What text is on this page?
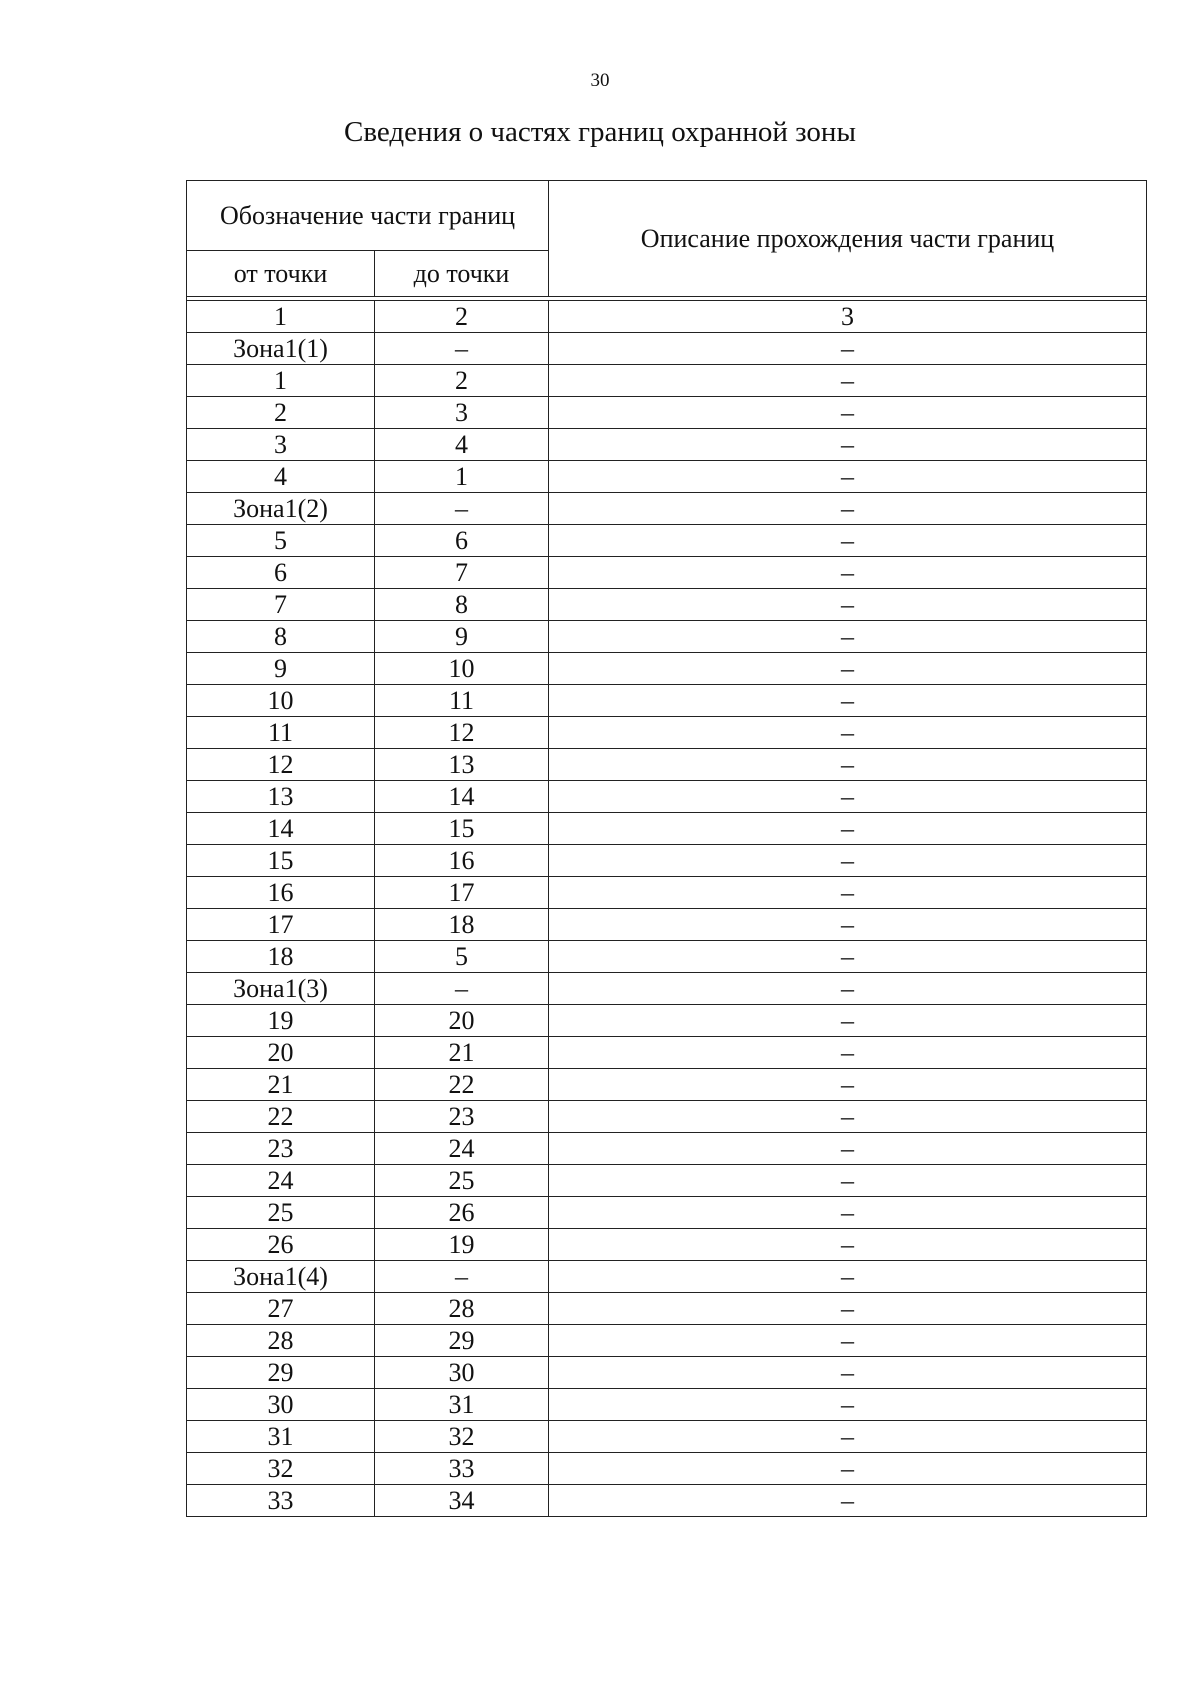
30
Сведения о частях границ охранной зоны
Обозначение части границ		Описание прохождения части границ
от точки	до точки	

1	2	3
Зона1(1)	–	–
1	2	–
2	3	–
3	4	–
4	1	–
Зона1(2)	–	–
5	6	–
6	7	–
7	8	–
8	9	–
9	10	–
10	11	–
11	12	–
12	13	–
13	14	–
14	15	–
15	16	–
16	17	–
17	18	–
18	5	–
Зона1(3)	–	–
19	20	–
20	21	–
21	22	–
22	23	–
23	24	–
24	25	–
25	26	–
26	19	–
Зона1(4)	–	–
27	28	–
28	29	–
29	30	–
30	31	–
31	32	–
32	33	–
33	34	–
